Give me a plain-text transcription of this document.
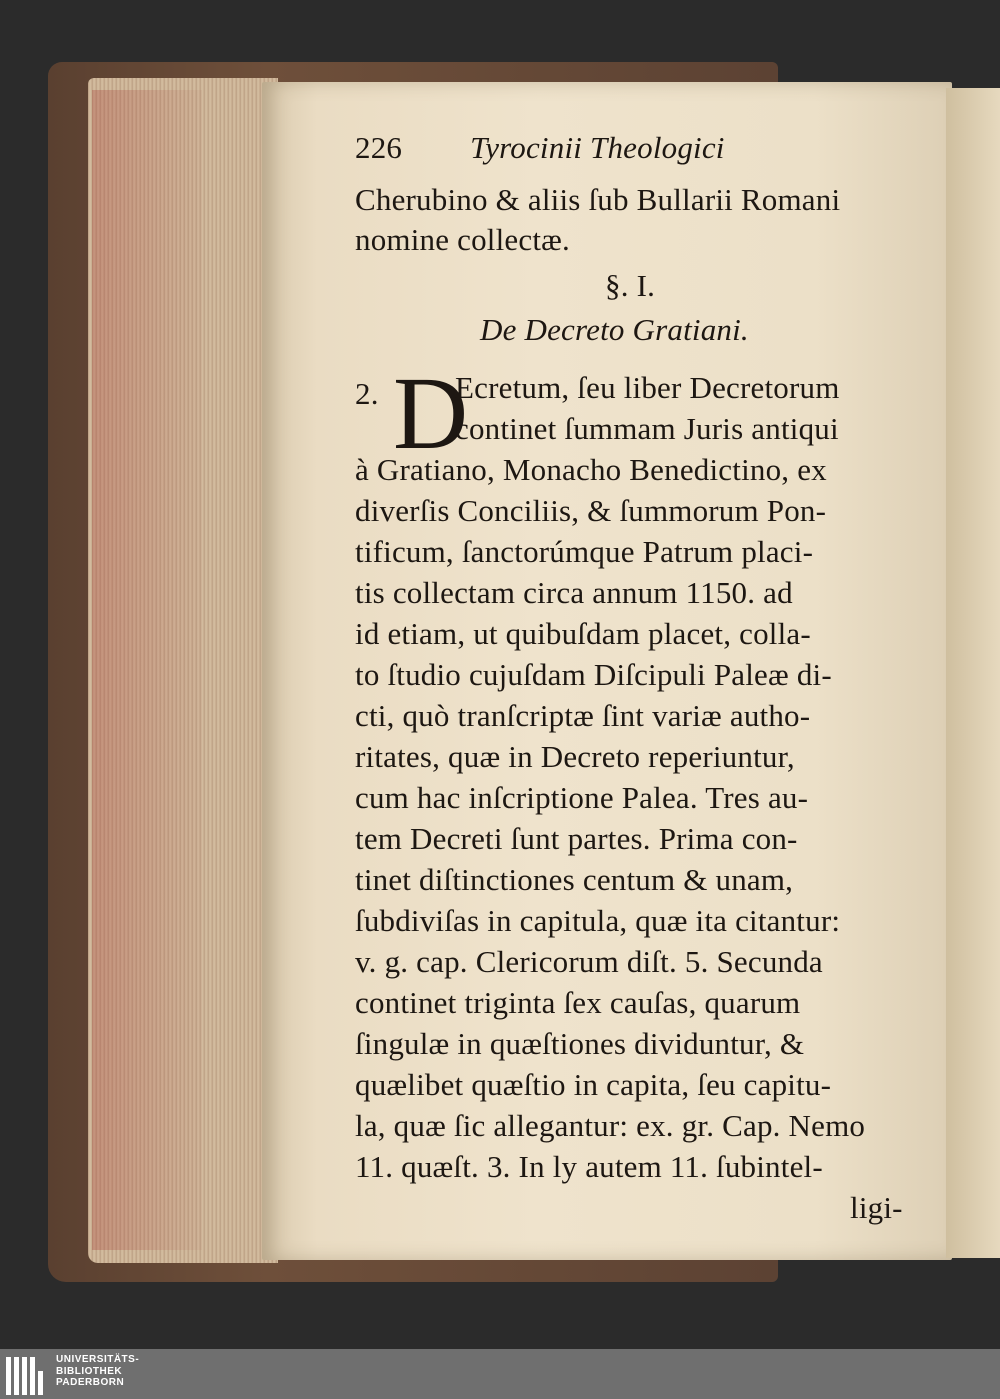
226 Tyrocinii Theologici
Cherubino & aliis ſub Bullarii Romani
nomine collectæ.
§. I.
De Decreto Gratiani.
2. D
Ecretum, ſeu liber Decretorum
continet ſummam Juris antiqui
à Gratiano, Monacho Benedictino, ex
diverſis Conciliis, & ſummorum Pon-
tificum, ſanctorúmque Patrum placi-
tis collectam circa annum 1150. ad
id etiam, ut quibuſdam placet, colla-
to ſtudio cujuſdam Diſcipuli Paleæ di-
cti, quò tranſcriptæ ſint variæ autho-
ritates, quæ in Decreto reperiuntur,
cum hac inſcriptione Palea. Tres au-
tem Decreti ſunt partes. Prima con-
tinet diſtinctiones centum & unam,
ſubdiviſas in capitula, quæ ita citantur:
v. g. cap. Clericorum diſt. 5. Secunda
continet triginta ſex cauſas, quarum
ſingulæ in quæſtiones dividuntur, &
quælibet quæſtio in capita, ſeu capitu-
la, quæ ſic allegantur: ex. gr. Cap. Nemo
11. quæſt. 3. In ly autem 11. ſubintel-
ligi-
UNIVERSITÄTS-
BIBLIOTHEK
PADERBORN
